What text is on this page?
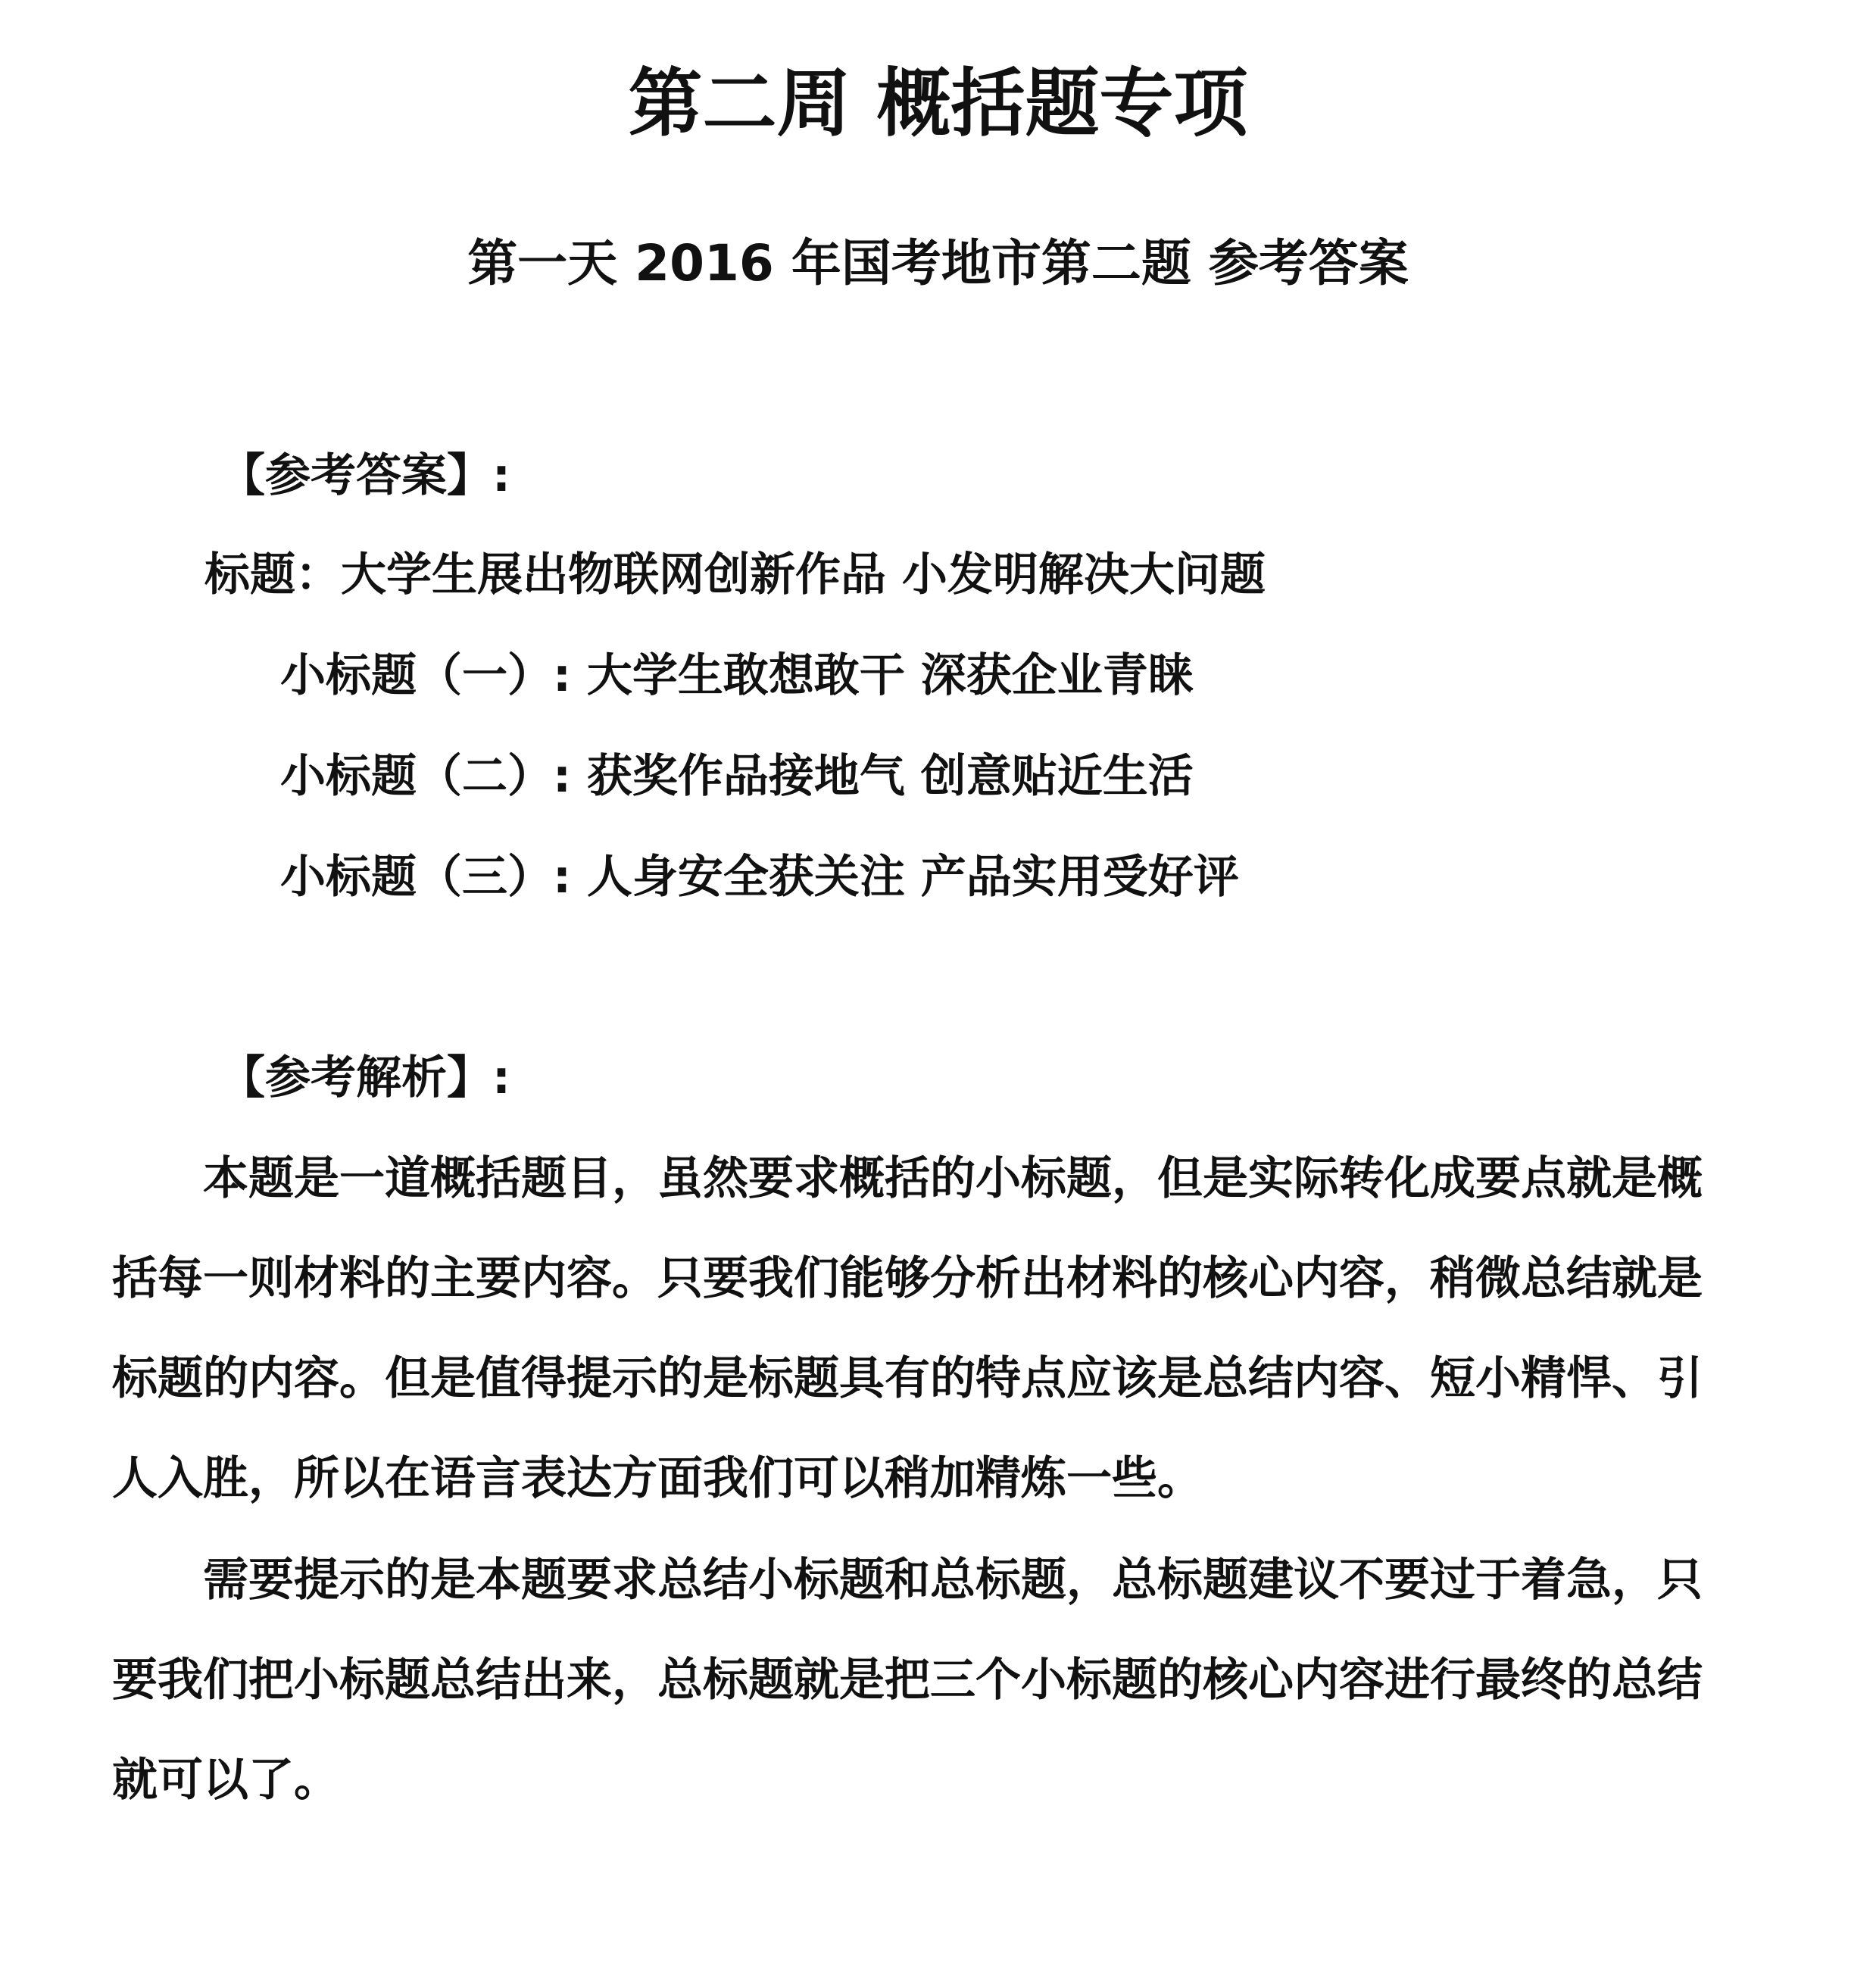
第二周 概括题专项
第一天 2016 年国考地市第二题 参考答案
【参考答案】:
标题：大学生展出物联网创新作品 小发明解决大问题
小标题（一）: 大学生敢想敢干 深获企业青睐
小标题（二）: 获奖作品接地气 创意贴近生活
小标题（三）: 人身安全获关注 产品实用受好评
【参考解析】:

本题是一道概括题目，虽然要求概括的小标题，但是实际转化成要点就是概括每一则材料的主要内容。只要我们能够分析出材料的核心内容，稍微总结就是标题的内容。但是值得提示的是标题具有的特点应该是总结内容、短小精悍、引人入胜，所以在语言表达方面我们可以稍加精炼一些。

需要提示的是本题要求总结小标题和总标题，总标题建议不要过于着急，只要我们把小标题总结出来，总标题就是把三个小标题的核心内容进行最终的总结就可以了。
